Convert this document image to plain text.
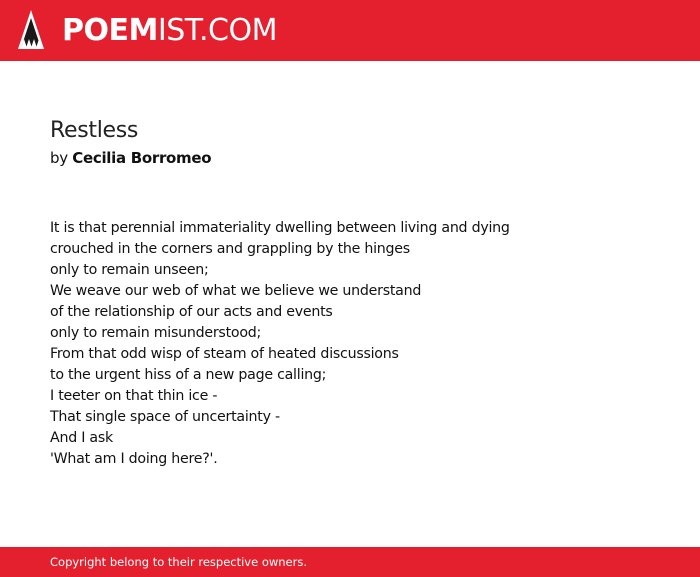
POEMIST.COM
Restless

by Cecilia Borromeo

It is that perennial immateriality dwelling between living and dying
crouched in the corners and grappling by the hinges
only to remain unseen;
We weave our web of what we believe we understand
of the relationship of our acts and events
only to remain misunderstood;
From that odd wisp of steam of heated discussions
to the urgent hiss of a new page calling;
I teeter on that thin ice -
That single space of uncertainty -
And I ask
'What am I doing here?'.
Copyright belong to their respective owners.
